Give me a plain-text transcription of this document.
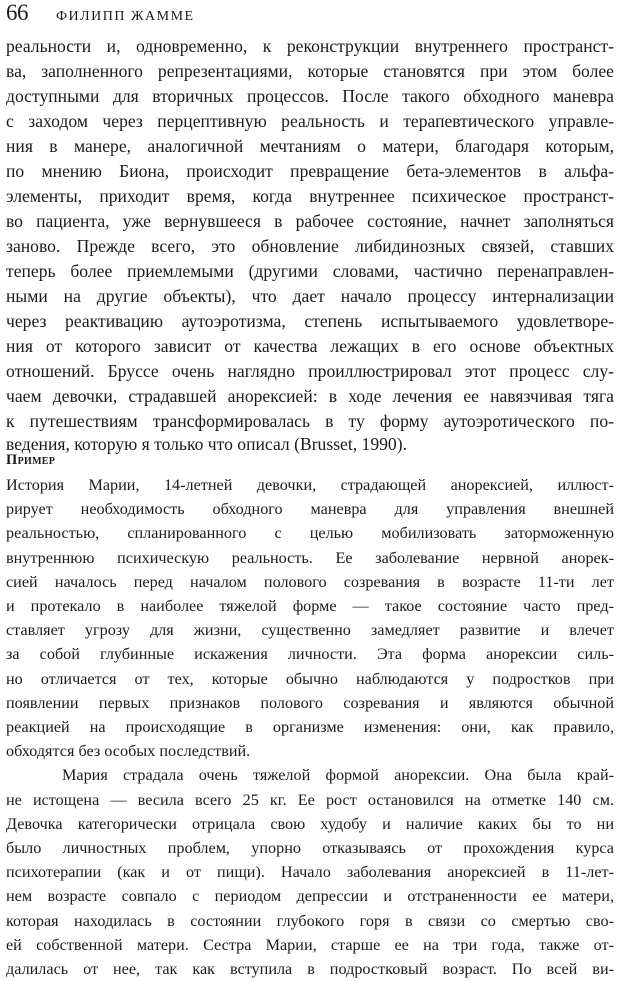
66 ФИЛИПП ЖАММЕ
реальности и, одновременно, к реконструкции внутреннего пространст-
ва, заполненного репрезентациями, которые становятся при этом более
доступными для вторичных процессов. После такого обходного маневра
с заходом через перцептивную реальность и терапевтического управле-
ния в манере, аналогичной мечтаниям о матери, благодаря которым,
по мнению Биона, происходит превращение бета-элементов в альфа-
элементы, приходит время, когда внутреннее психическое пространст-
во пациента, уже вернувшееся в рабочее состояние, начнет заполняться
заново. Прежде всего, это обновление либидинозных связей, ставших
теперь более приемлемыми (другими словами, частично перенаправлен-
ными на другие объекты), что дает начало процессу интернализации
через реактивацию аутоэротизма, степень испытываемого удовлетворе-
ния от которого зависит от качества лежащих в его основе объектных
отношений. Бруссе очень наглядно проиллюстрировал этот процесс слу-
чаем девочки, страдавшей анорексией: в ходе лечения ее навязчивая тяга
к путешествиям трансформировалась в ту форму аутоэротического по-
ведения, которую я только что описал (Brusset, 1990).
Пример
История Марии, 14-летней девочки, страдающей анорексией, иллюст-
рирует необходимость обходного маневра для управления внешней
реальностью, спланированного с целью мобилизовать заторможенную
внутреннюю психическую реальность. Ее заболевание нервной анорек-
сией началось перед началом полового созревания в возрасте 11-ти лет
и протекало в наиболее тяжелой форме — такое состояние часто пред-
ставляет угрозу для жизни, существенно замедляет развитие и влечет
за собой глубинные искажения личности. Эта форма анорексии силь-
но отличается от тех, которые обычно наблюдаются у подростков при
появлении первых признаков полового созревания и являются обычной
реакцией на происходящие в организме изменения: они, как правило,
обходятся без особых последствий.
Мария страдала очень тяжелой формой анорексии. Она была край-
не истощена — весила всего 25 кг. Ее рост остановился на отметке 140 см.
Девочка категорически отрицала свою худобу и наличие каких бы то ни
было личностных проблем, упорно отказываясь от прохождения курса
психотерапии (как и от пищи). Начало заболевания анорексией в 11-лет-
нем возрасте совпало с периодом депрессии и отстраненности ее матери,
которая находилась в состоянии глубокого горя в связи со смертью сво-
ей собственной матери. Сестра Марии, старше ее на три года, также от-
далилась от нее, так как вступила в подростковый возраст. По всей ви-
